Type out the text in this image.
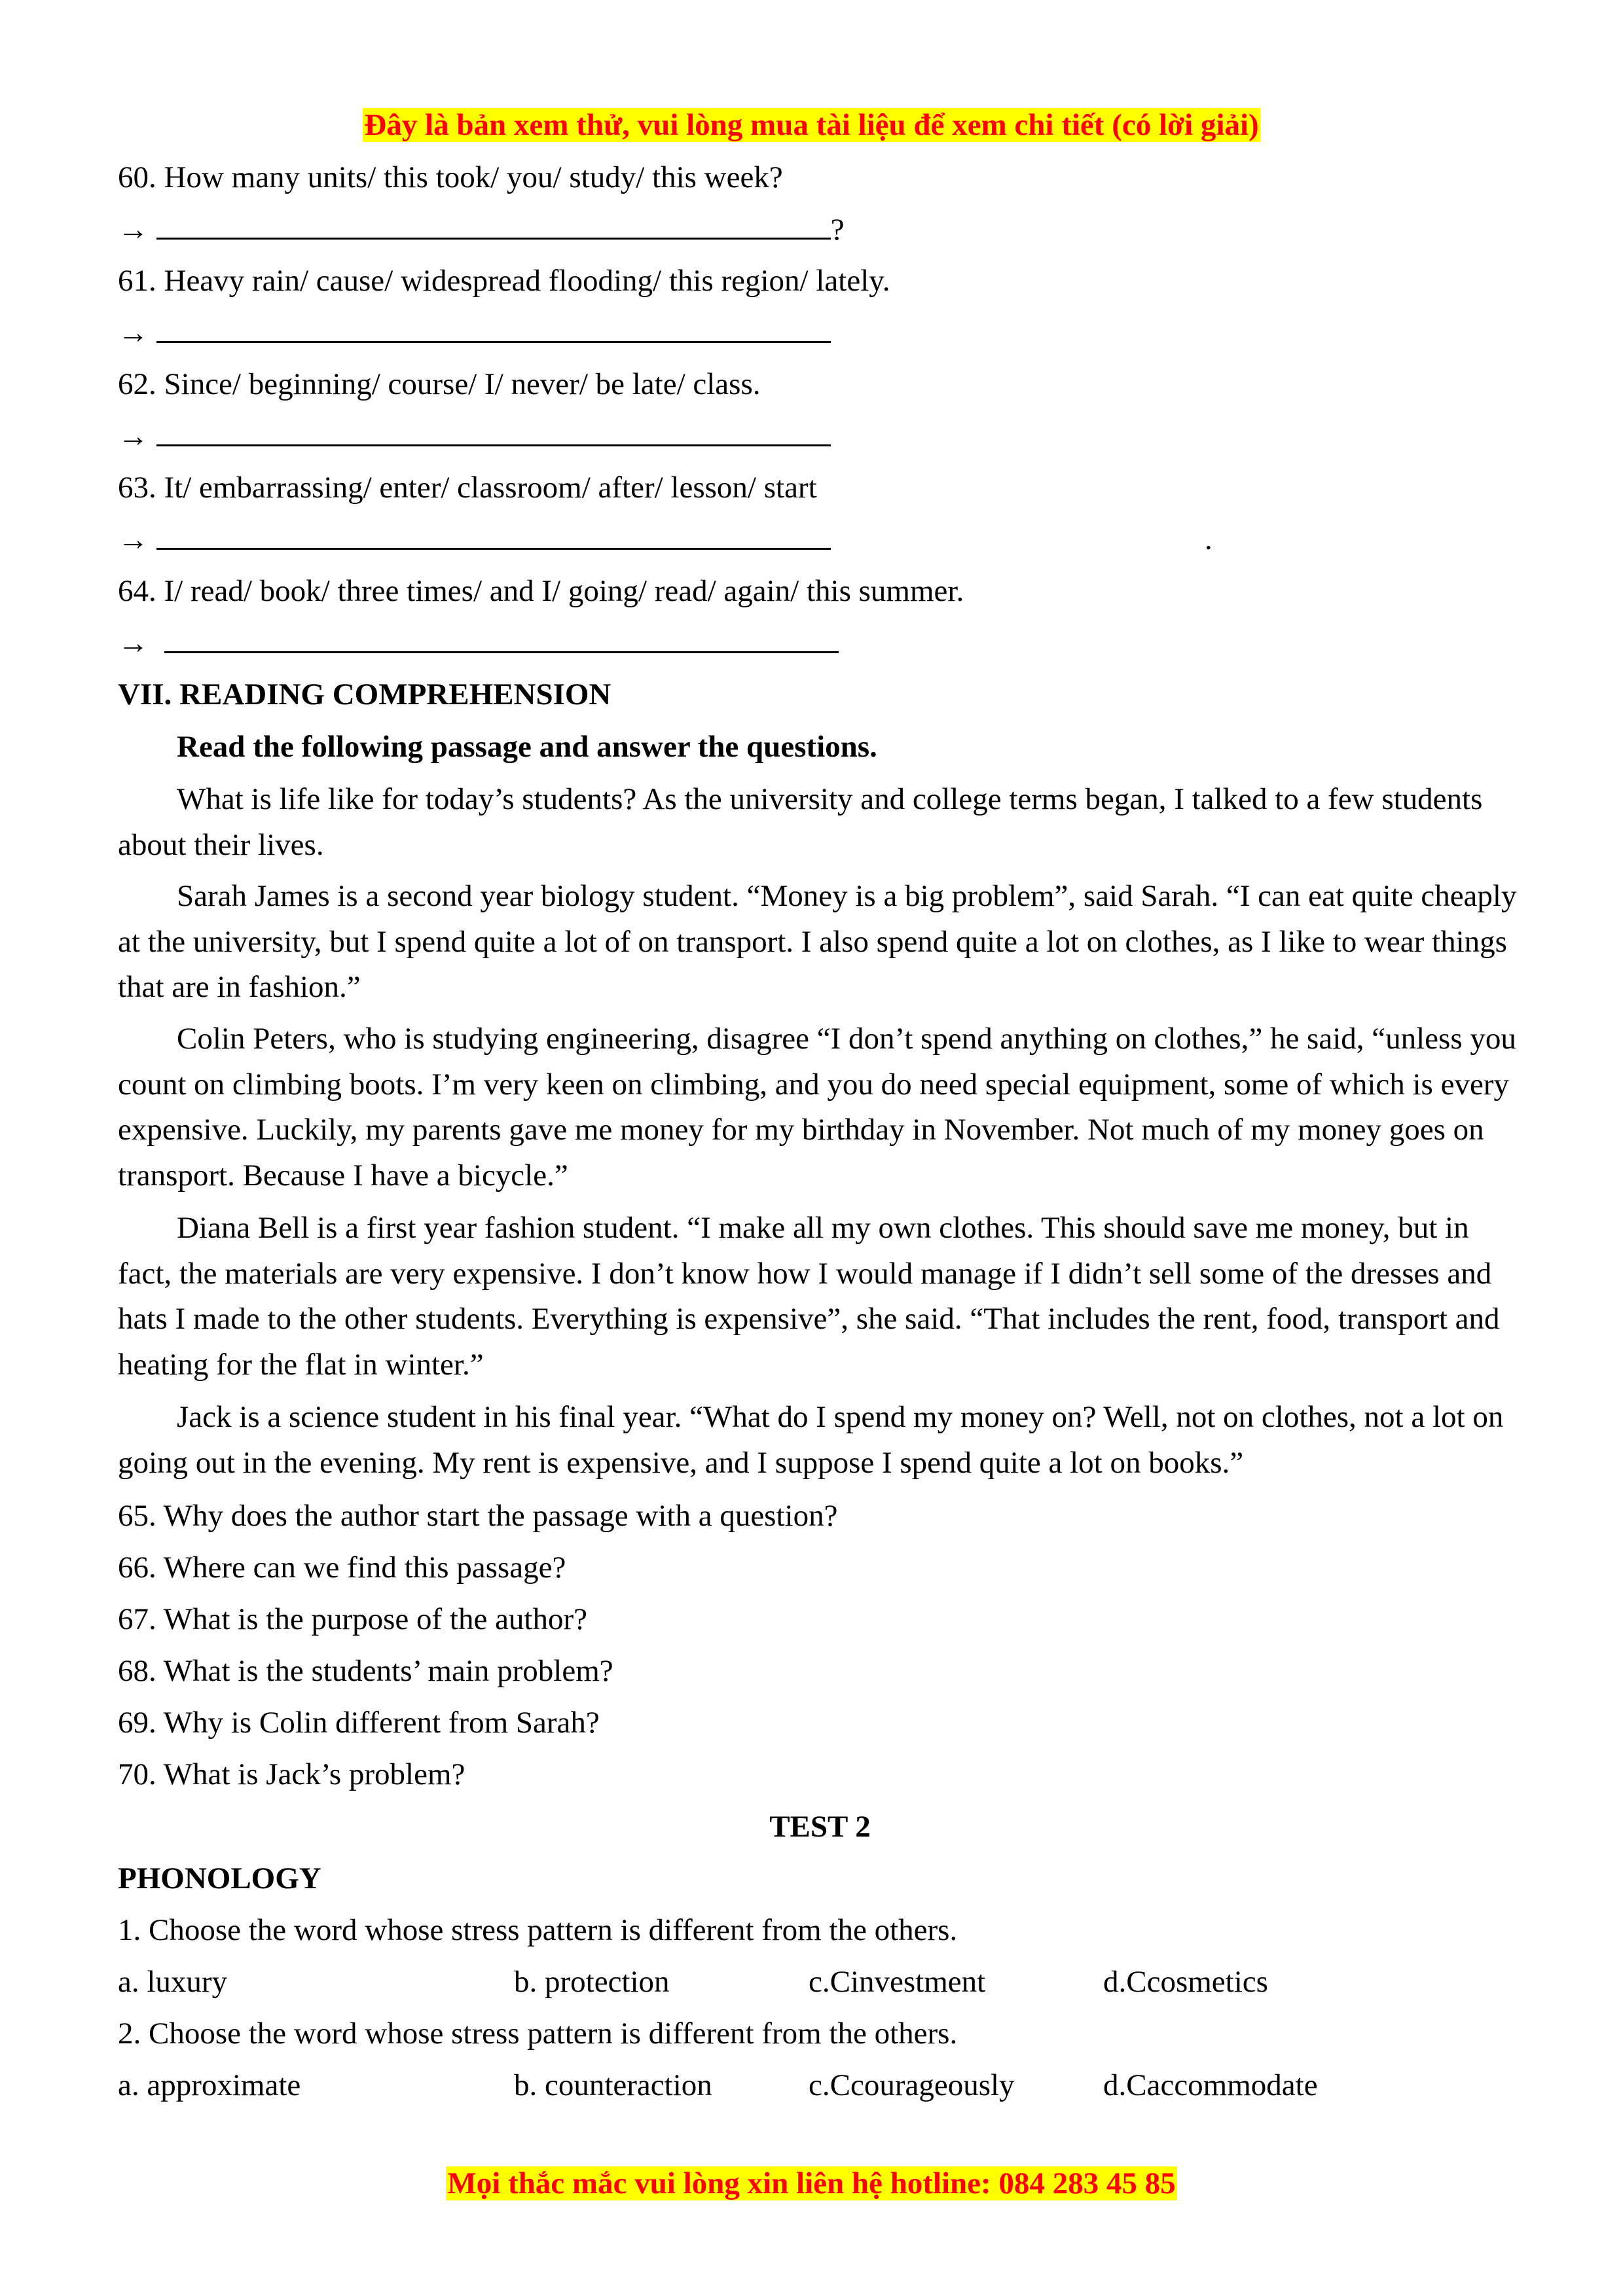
Đây là bản xem thử, vui lòng mua tài liệu để xem chi tiết (có lời giải)
60. How many units/ this took/ you/ study/ this week?
→	?
61. Heavy rain/ cause/ widespread flooding/ this region/ lately.
→
62. Since/ beginning/ course/ I/ never/ be late/ class.
→
63. It/ embarrassing/ enter/ classroom/ after/ lesson/ start
→	.
64. I/ read/ book/ three times/ and I/ going/ read/ again/ this summer.
→
VII. READING COMPREHENSION
Read the following passage and answer the questions.
What is life like for today’s students? As the university and college terms began, I talked to a few students about their lives.
Sarah James is a second year biology student. “Money is a big problem”, said Sarah. “I can eat quite cheaply at the university, but I spend quite a lot of on transport. I also spend quite a lot on clothes, as I like to wear things that are in fashion.”
Colin Peters, who is studying engineering, disagree “I don’t spend anything on clothes,” he said, “unless you count on climbing boots. I’m very keen on climbing, and you do need special equipment, some of which is every expensive. Luckily, my parents gave me money for my birthday in November. Not much of my money goes on transport. Because I have a bicycle.”
Diana Bell is a first year fashion student. “I make all my own clothes. This should save me money, but in fact, the materials are very expensive. I don’t know how I would manage if I didn’t sell some of the dresses and hats I made to the other students. Everything is expensive”, she said. “That includes the rent, food, transport and heating for the flat in winter.”
Jack is a science student in his final year. “What do I spend my money on? Well, not on clothes, not a lot on going out in the evening. My rent is expensive, and I suppose I spend quite a lot on books.”
65. Why does the author start the passage with a question?
66. Where can we find this passage?
67. What is the purpose of the author?
68. What is the students’ main problem?
69. Why is Colin different from Sarah?
70. What is Jack’s problem?
TEST 2
PHONOLOGY
1. Choose the word whose stress pattern is different from the others.
a. luxury	b. protection	c.Cinvestment	d.Ccosmetics
2. Choose the word whose stress pattern is different from the others.
a. approximate	b. counteraction	c.Ccourageously	d.Caccommodate
Mọi thắc mắc vui lòng xin liên hệ hotline: 084 283 45 85
